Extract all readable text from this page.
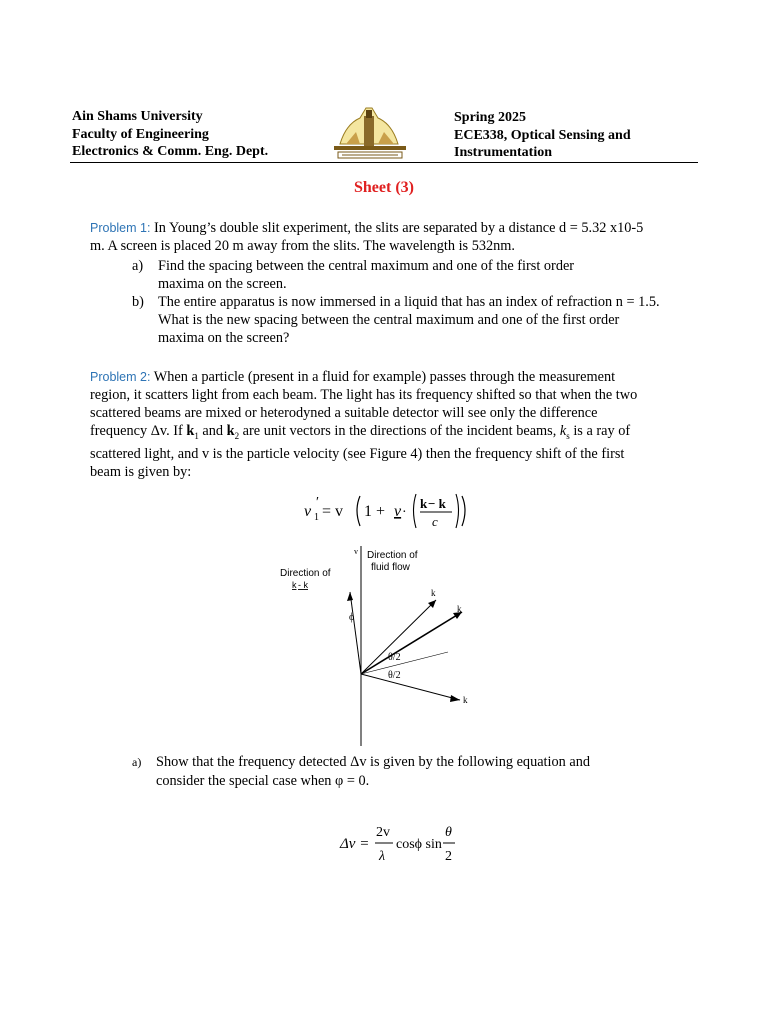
Ain Shams University
Faculty of Engineering
Electronics & Comm. Eng. Dept.
Spring 2025
ECE338, Optical Sensing and
Instrumentation
Sheet (3)
Problem 1: In Young’s double slit experiment, the slits are separated by a distance d = 5.32 x10-5
m. A screen is placed 20 m away from the slits. The wavelength is 532nm.
a) Find the spacing between the central maximum and one of the first order
maxima on the screen.
b) The entire apparatus is now immersed in a liquid that has an index of refraction n = 1.5.
What is the new spacing between the central maximum and one of the first order
maxima on the screen?
Problem 2: When a particle (present in a fluid for example) passes through the measurement
region, it scatters light from each beam. The light has its frequency shifted so that when the two
scattered beams are mixed or heterodyned a suitable detector will see only the difference
frequency Δv. If $k_1$ and $k_2$ are unit vectors in the directions of the incident beams, $k_s$ is a ray of
scattered light, and v is the particle velocity (see Figure 4) then the frequency shift of the first
beam is given by:
v 1
′
= v 1 + v ·
k − k
c
v Direction of
fluid flow
Direction of
k - k
ϕ
k
k
k
θ/2
θ/2
a) Show that the frequency detected Δv is given by the following equation and
consider the special case when φ = 0.
Δv =
2v
λ
cosϕ sin
θ
2
